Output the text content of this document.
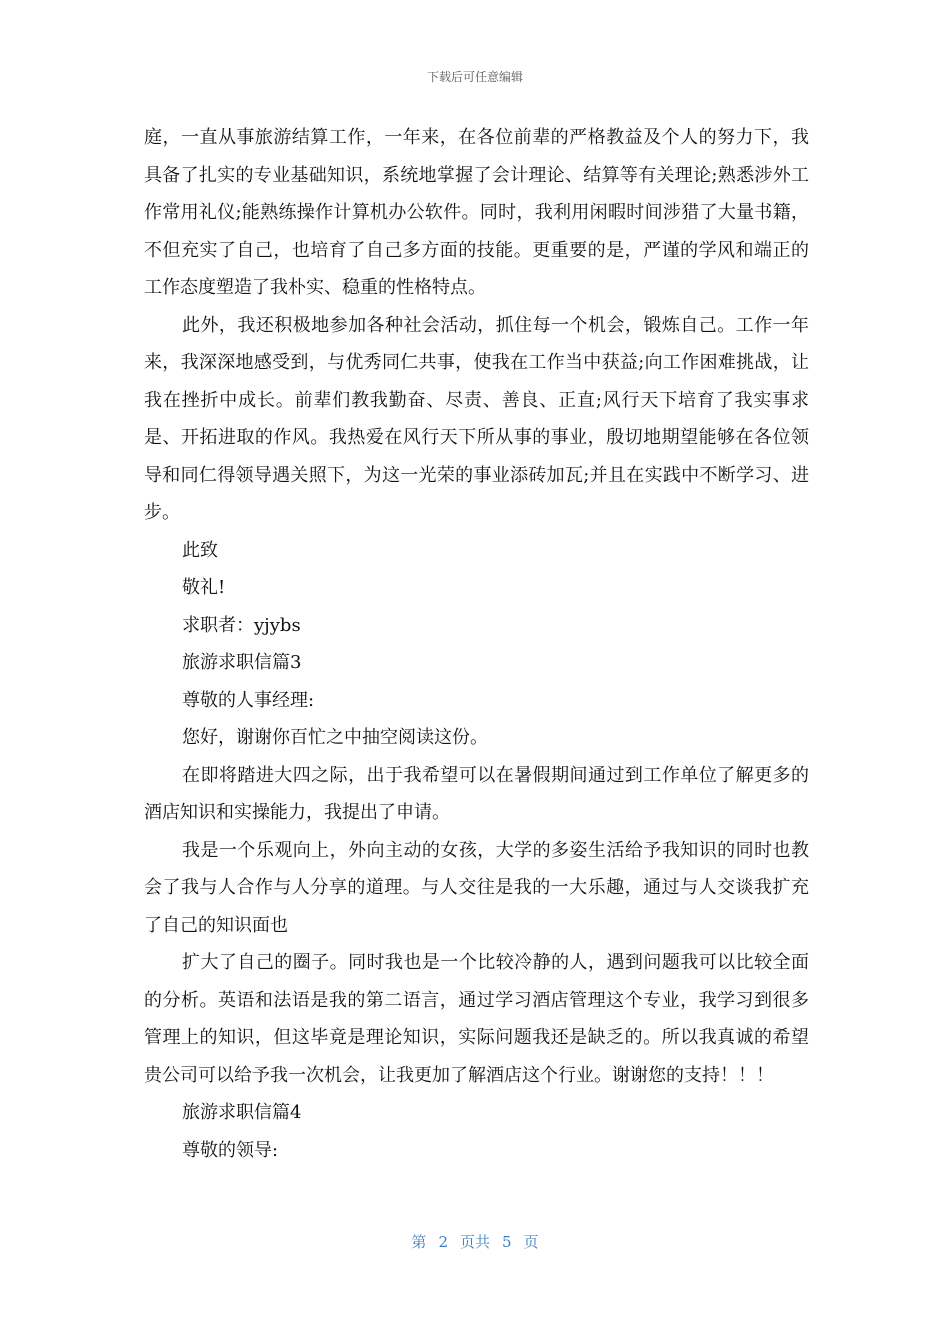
下载后可任意编辑

庭，一直从事旅游结算工作，一年来，在各位前辈的严格教益及个人的努力下，我具备了扎实的专业基础知识，系统地掌握了会计理论、结算等有关理论;熟悉涉外工作常用礼仪;能熟练操作计算机办公软件。同时，我利用闲暇时间涉猎了大量书籍，不但充实了自己，也培育了自己多方面的技能。更重要的是，严谨的学风和端正的工作态度塑造了我朴实、稳重的性格特点。

此外，我还积极地参加各种社会活动，抓住每一个机会，锻炼自己。工作一年来，我深深地感受到，与优秀同仁共事，使我在工作当中获益;向工作困难挑战，让我在挫折中成长。前辈们教我勤奋、尽责、善良、正直;风行天下培育了我实事求是、开拓进取的作风。我热爱在风行天下所从事的事业，殷切地期望能够在各位领导和同仁得领导遇关照下，为这一光荣的事业添砖加瓦;并且在实践中不断学习、进步。

此致

敬礼!

求职者：yjybs

旅游求职信篇3

尊敬的人事经理:

您好，谢谢你百忙之中抽空阅读这份。

在即将踏进大四之际，出于我希望可以在暑假期间通过到工作单位了解更多的酒店知识和实操能力，我提出了申请。

我是一个乐观向上，外向主动的女孩，大学的多姿生活给予我知识的同时也教会了我与人合作与人分享的道理。与人交往是我的一大乐趣，通过与人交谈我扩充了自己的知识面也

扩大了自己的圈子。同时我也是一个比较冷静的人，遇到问题我可以比较全面的分析。英语和法语是我的第二语言，通过学习酒店管理这个专业，我学习到很多管理上的知识，但这毕竟是理论知识，实际问题我还是缺乏的。所以我真诚的希望贵公司可以给予我一次机会，让我更加了解酒店这个行业。谢谢您的支持！！！

旅游求职信篇4

尊敬的领导:

第 2 页共 5 页
